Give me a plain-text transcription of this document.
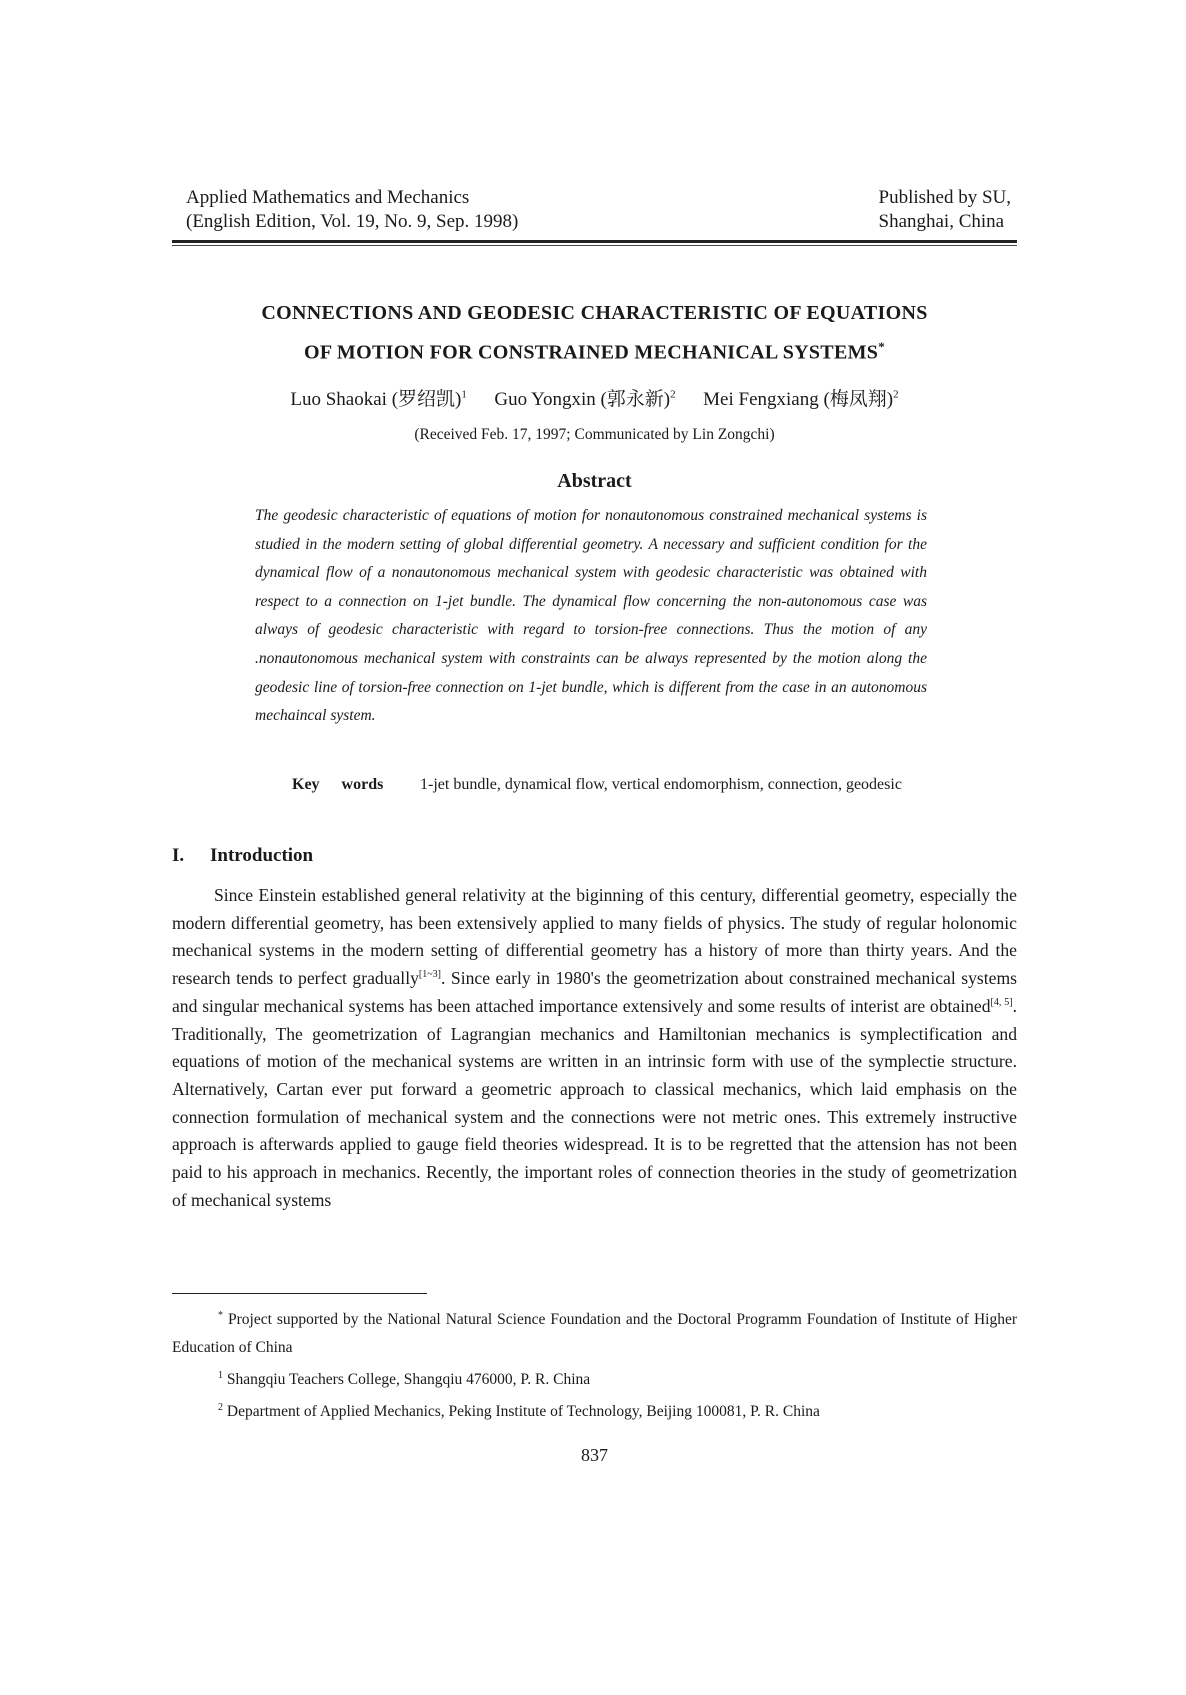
Applied Mathematics and Mechanics
(English Edition, Vol. 19, No. 9, Sep. 1998)
Published by SU,
Shanghai, China
CONNECTIONS AND GEODESIC CHARACTERISTIC OF EQUATIONS
OF MOTION FOR CONSTRAINED MECHANICAL SYSTEMS*
Luo Shaokai (罗绍凯)$^1$ Guo Yongxin (郭永新)$^2$ Mei Fengxiang (梅凤翔)$^2$
(Received Feb. 17, 1997; Communicated by Lin Zongchi)
Abstract
The geodesic characteristic of equations of motion for nonautonomous constrained mechanical systems is studied in the modern setting of global differential geometry. A necessary and sufficient condition for the dynamical flow of a nonautonomous mechanical system with geodesic characteristic was obtained with respect to a connection on 1-jet bundle. The dynamical flow concerning the non-autonomous case was always of geodesic characteristic with regard to torsion-free connections. Thus the motion of any .nonautonomous mechanical system with constraints can be always represented by the motion along the geodesic line of torsion-free connection on 1-jet bundle, which is different from the case in an autonomous mechaincal system.
Key words 1-jet bundle, dynamical flow, vertical endomorphism, connection, geodesic
I. Introduction
Since Einstein established general relativity at the biginning of this century, differential geometry, especially the modern differential geometry, has been extensively applied to many fields of physics. The study of regular holonomic mechanical systems in the modern setting of differential geometry has a history of more than thirty years. And the research tends to perfect gradually[1~3]. Since early in 1980's the geometrization about constrained mechanical systems and singular mechanical systems has been attached importance extensively and some results of interist are obtained[4, 5]. Traditionally, The geometrization of Lagrangian mechanics and Hamiltonian mechanics is symplectification and equations of motion of the mechanical systems are written in an intrinsic form with use of the symplectie structure. Alternatively, Cartan ever put forward a geometric approach to classical mechanics, which laid emphasis on the connection formulation of mechanical system and the connections were not metric ones. This extremely instructive approach is afterwards applied to gauge field theories widespread. It is to be regretted that the attension has not been paid to his approach in mechanics. Recently, the important roles of connection theories in the study of geometrization of mechanical systems
* Project supported by the National Natural Science Foundation and the Doctoral Programm Foundation of Institute of Higher Education of China
$^1$ Shangqiu Teachers College, Shangqiu 476000, P. R. China
$^2$ Department of Applied Mechanics, Peking Institute of Technology, Beijing 100081, P. R. China
837
